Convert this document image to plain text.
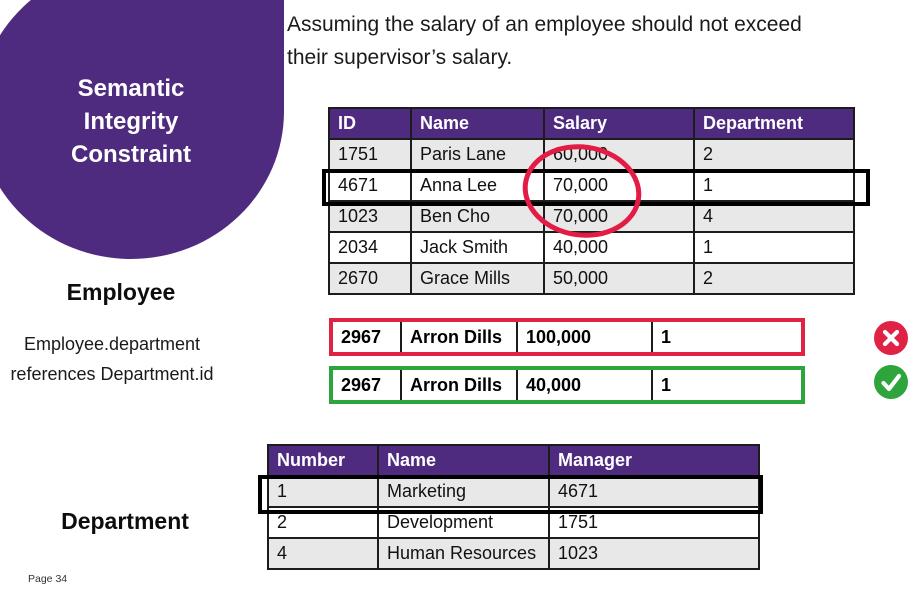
Semantic
Integrity
Constraint
Assuming the salary of an employee should not exceed their supervisor’s salary.
ID	Name	Salary	Department
1751	Paris Lane	60,000	2
4671	Anna Lee	70,000	1
1023	Ben Cho	70,000	4
2034	Jack Smith	40,000	1
2670	Grace Mills	50,000	2
2967	Arron Dills	100,000	1
2967	Arron Dills	40,000	1
Number	Name	Manager
1	Marketing	4671
2	Development	1751
4	Human Resources	1023
Employee
Employee.department references Department.id
Department
Page 34
